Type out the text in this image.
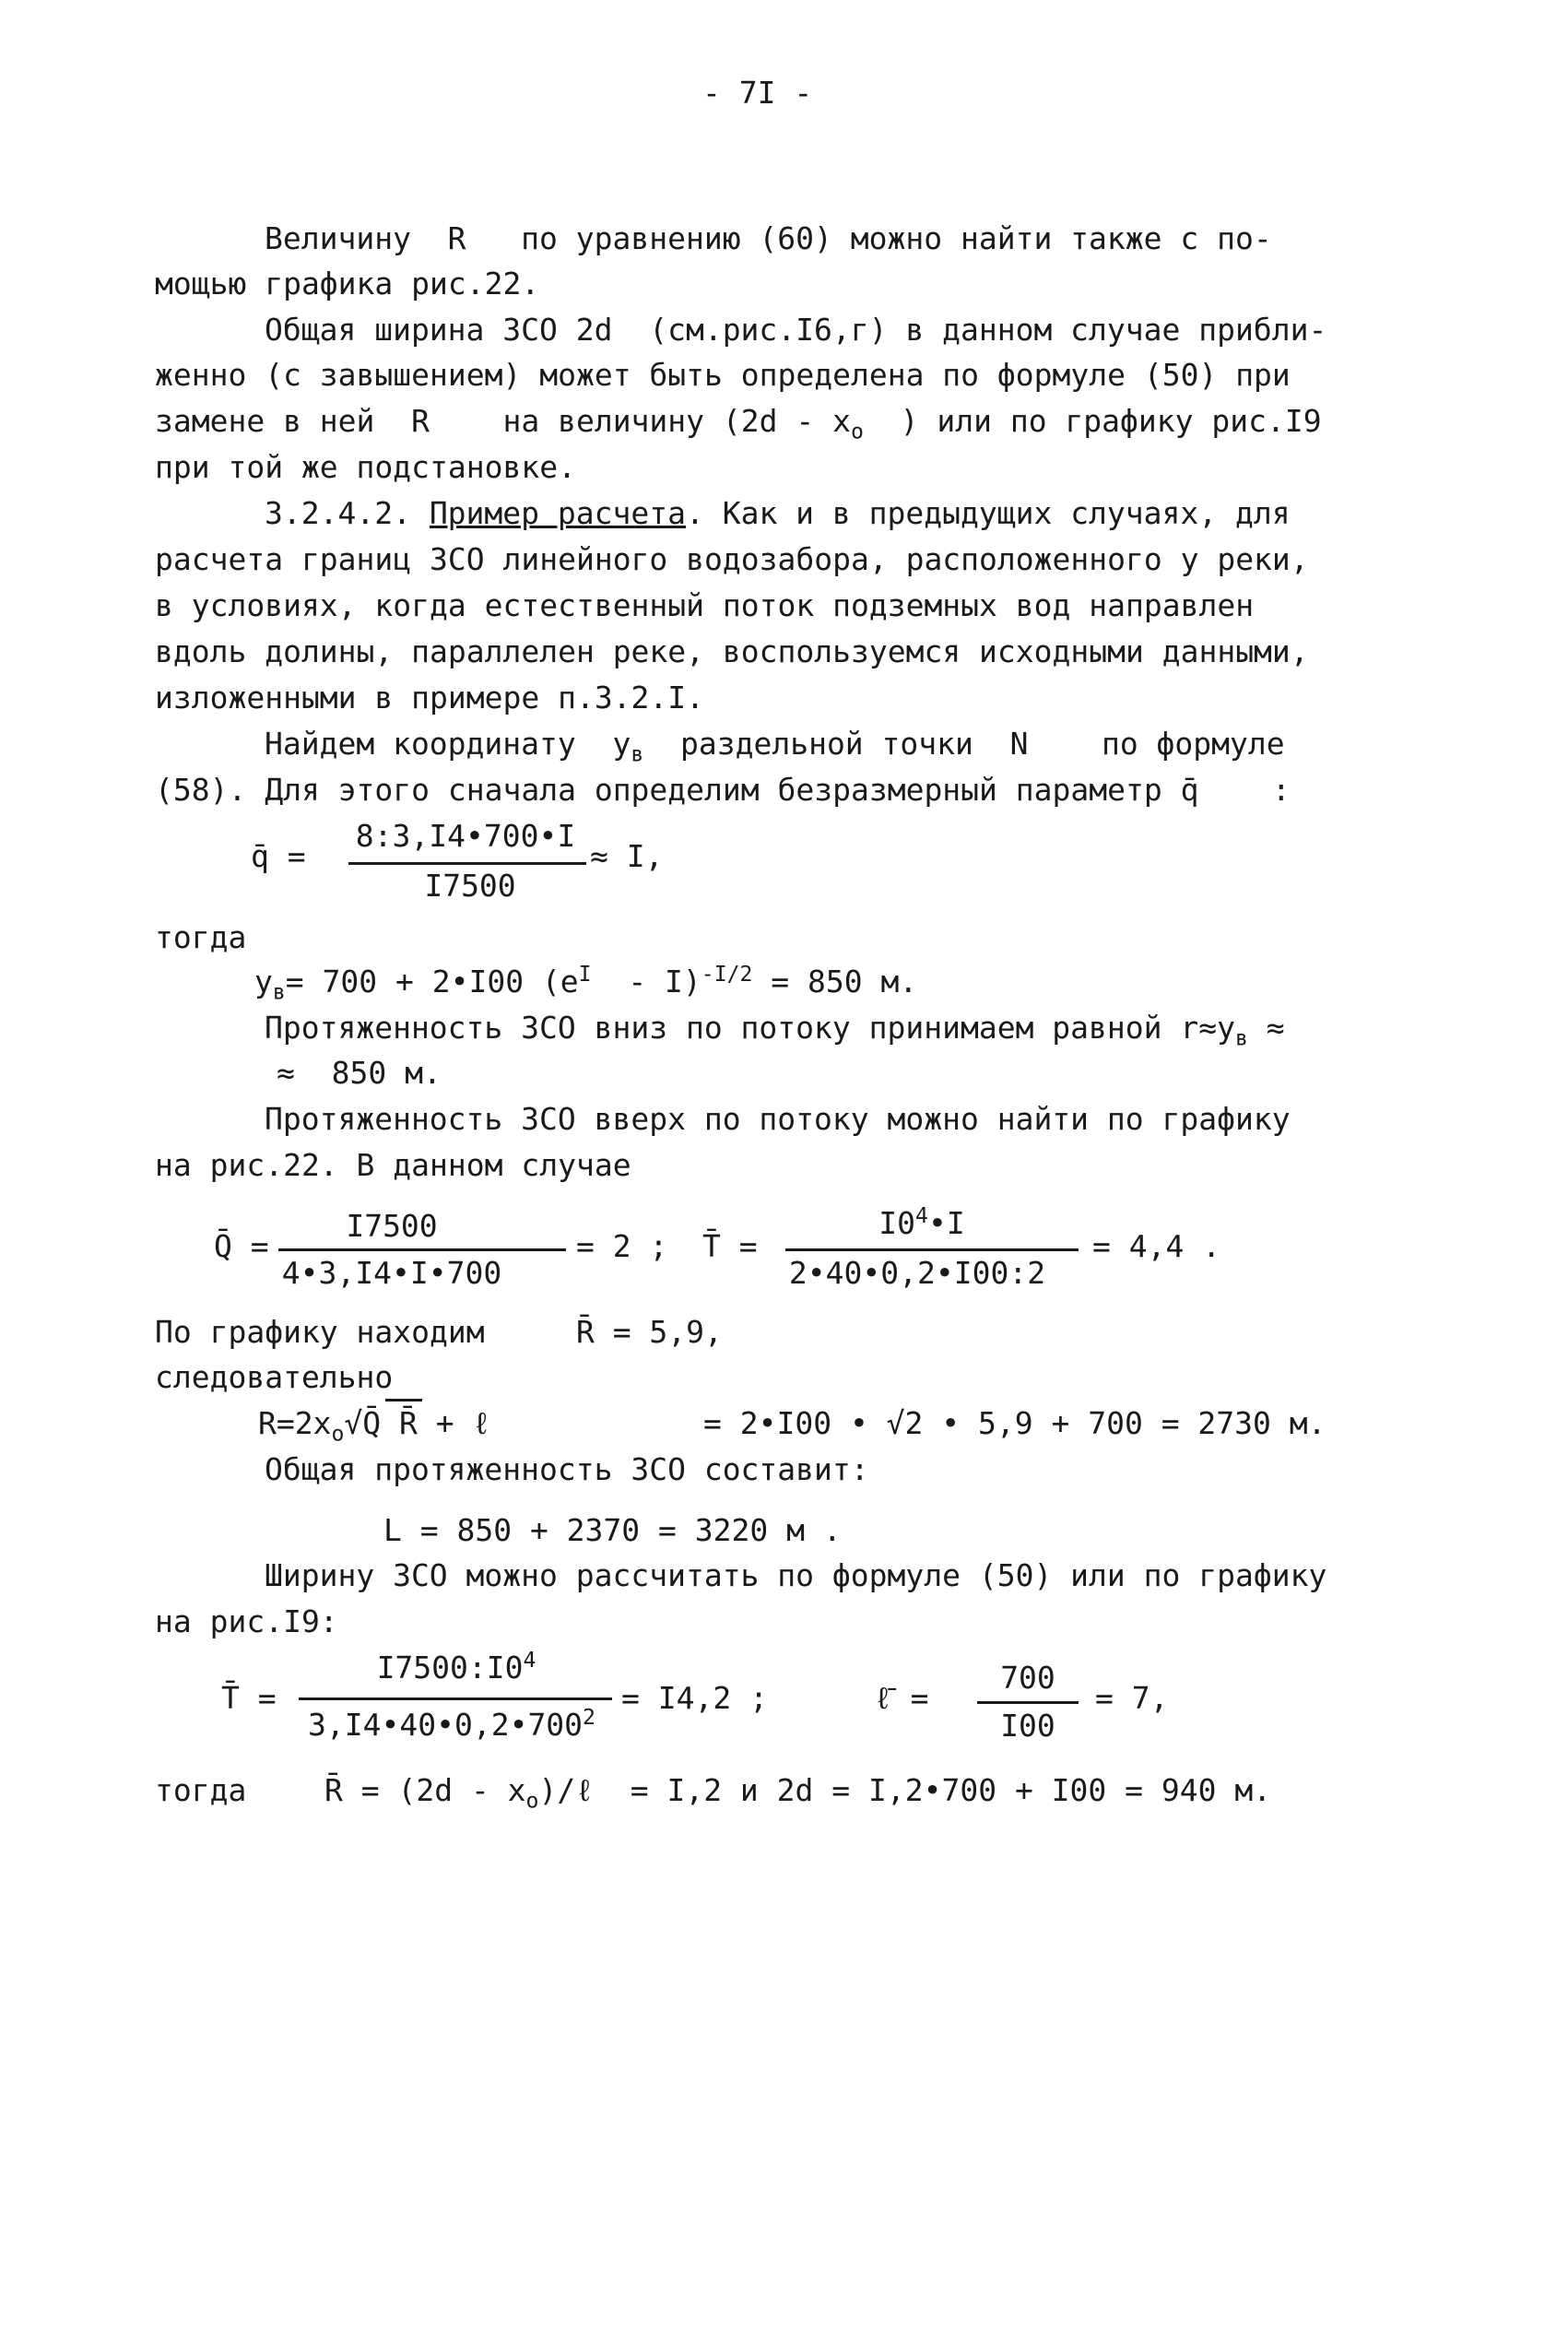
- 7I -
Величину  R   по уравнению (60) можно найти также с по-
мощью графика рис.22.
Общая ширина ЗСО 2d  (см.рис.I6,г) в данном случае прибли-
женно (с завышением) может быть определена по формуле (50) при
замене в ней  R    на величину ($2d - x_o$  ) или по графику рис.I9
при той же подстановке.
3.2.4.2. Пример расчета. Как и в предыдущих случаях, для
расчета границ ЗСО линейного водозабора, расположенного у реки,
в условиях, когда естественный поток подземных вод направлен
вдоль долины, параллелен реке, воспользуемся исходными данными,
изложенными в примере п.3.2.I.
Найдем координату  $y_в$  раздельной точки  N    по формуле
(58). Для этого сначала определим безразмерный параметр q̄    :
q̄ =
8:3,I4•700•I
I7500
≈ I,
тогда
$y_в= 700$ + 2•I00 $(e^I - I)^{-I/2} = 850$ м.
Протяженность ЗСО вниз по потоку принимаем равной $r\approx y_в$ ≈
≈  850 м.
Протяженность ЗСО вверх по потоку можно найти по графику
на рис.22. В данном случае
Q̄ =
I7500
4•3,I4•I•700
= 2 ; T̄ =
$I0^4•I$
2•40•0,2•I00:2
= 4,4 .
По графику находим     R̄ = 5,9,
следовательно
$R=2x_o√Q̄$ R̄ + ℓ	= 2•I00 • √2 • 5,9 + 700 = 2730 м.
Общая протяженность ЗСО составит:
L = 850 + 2370 = 3220 м .
Ширину ЗСО можно рассчитать по формуле (50) или по графику
на рис.I9:
T̄ =
$I7500:I0^4$
$3,I4•40•0,2•700^2$
= I4,2 ;	ℓ̄ =
700
I00
= 7,
тогда	R̄ = $(2d - x_o)/\ell = I,2$ и 2d = I,2•700 + I00 = 940 м.
